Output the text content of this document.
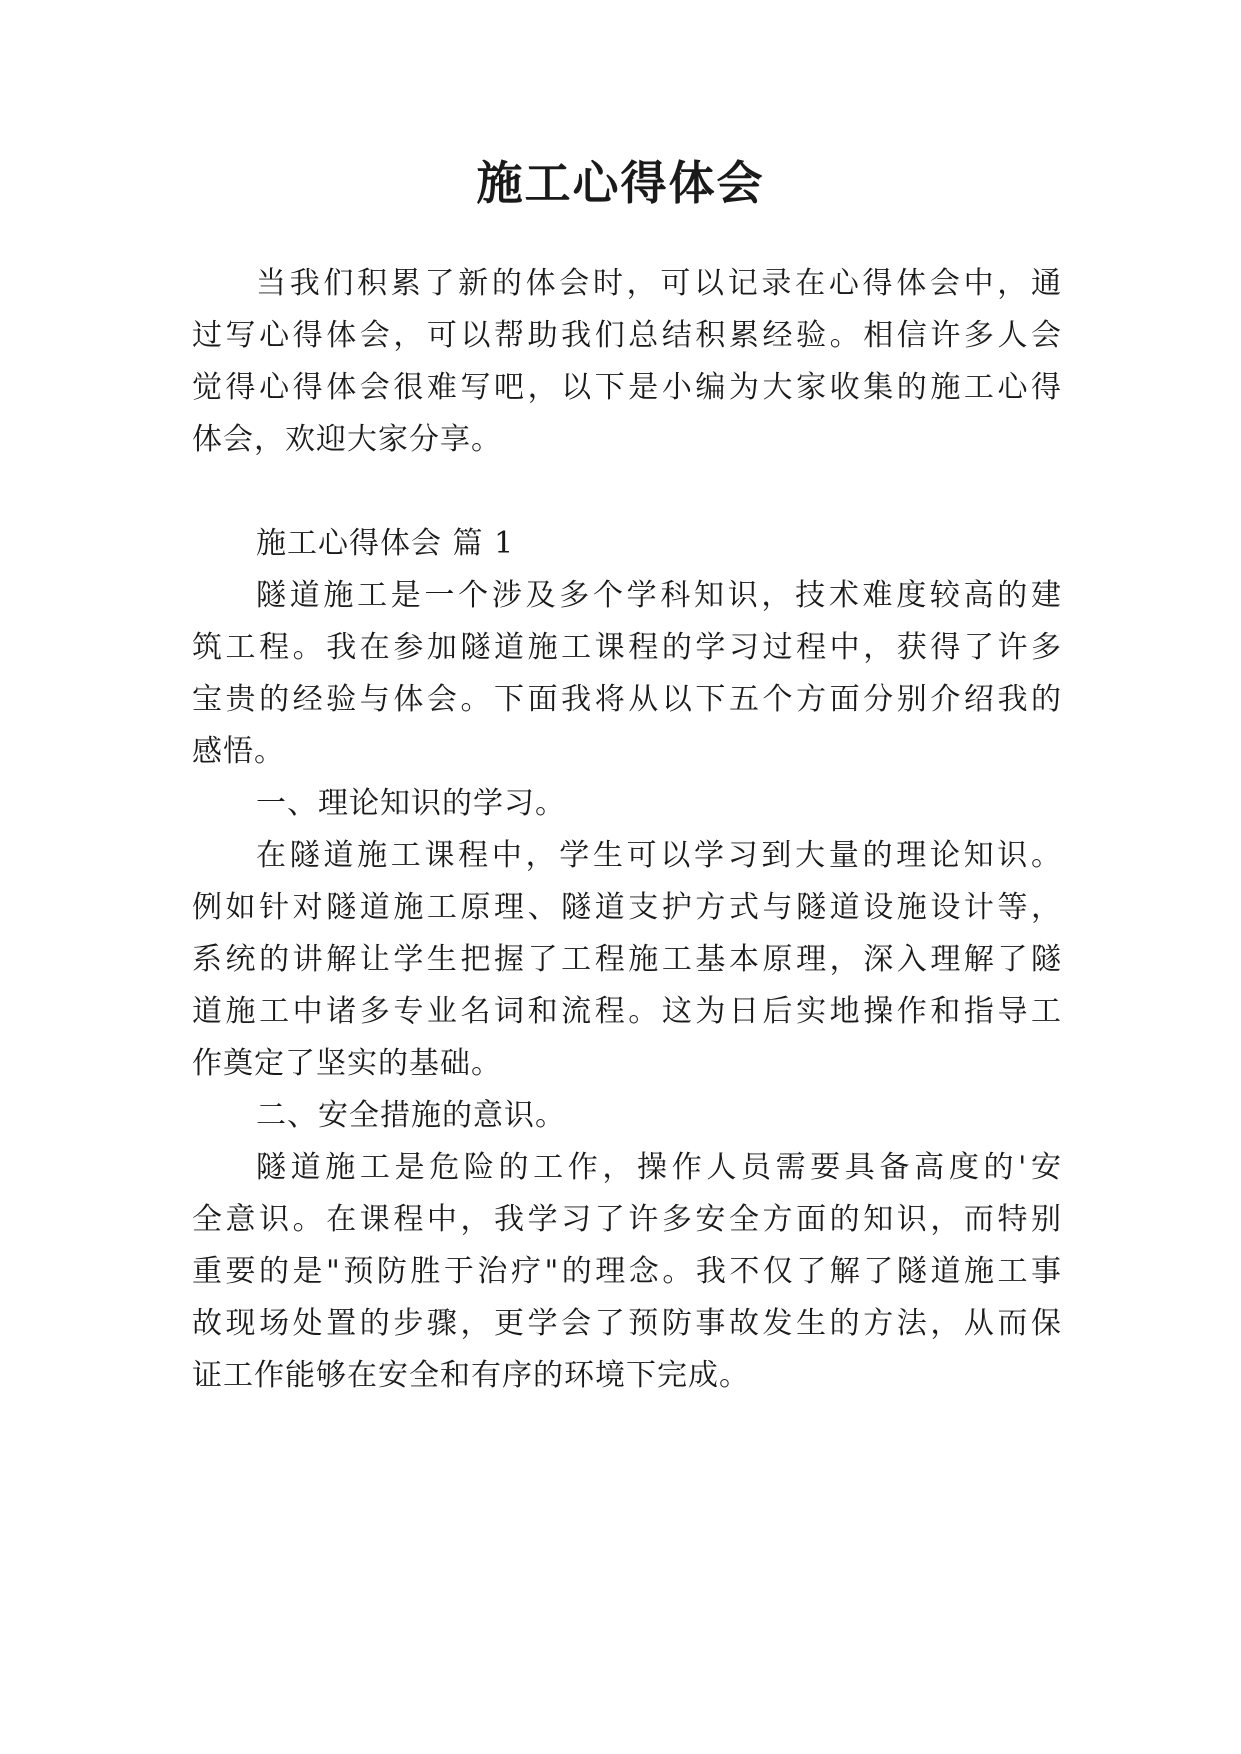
施工心得体会
当我们积累了新的体会时，可以记录在心得体会中，通
过写心得体会，可以帮助我们总结积累经验。相信许多人会
觉得心得体会很难写吧，以下是小编为大家收集的施工心得
体会，欢迎大家分享。
施工心得体会 篇 1
隧道施工是一个涉及多个学科知识，技术难度较高的建
筑工程。我在参加隧道施工课程的学习过程中，获得了许多
宝贵的经验与体会。下面我将从以下五个方面分别介绍我的
感悟。
一、理论知识的学习。
在隧道施工课程中，学生可以学习到大量的理论知识。
例如针对隧道施工原理、隧道支护方式与隧道设施设计等，
系统的讲解让学生把握了工程施工基本原理，深入理解了隧
道施工中诸多专业名词和流程。这为日后实地操作和指导工
作奠定了坚实的基础。
二、安全措施的意识。
隧道施工是危险的工作，操作人员需要具备高度的'安
全意识。在课程中，我学习了许多安全方面的知识，而特别
重要的是"预防胜于治疗"的理念。我不仅了解了隧道施工事
故现场处置的步骤，更学会了预防事故发生的方法，从而保
证工作能够在安全和有序的环境下完成。
